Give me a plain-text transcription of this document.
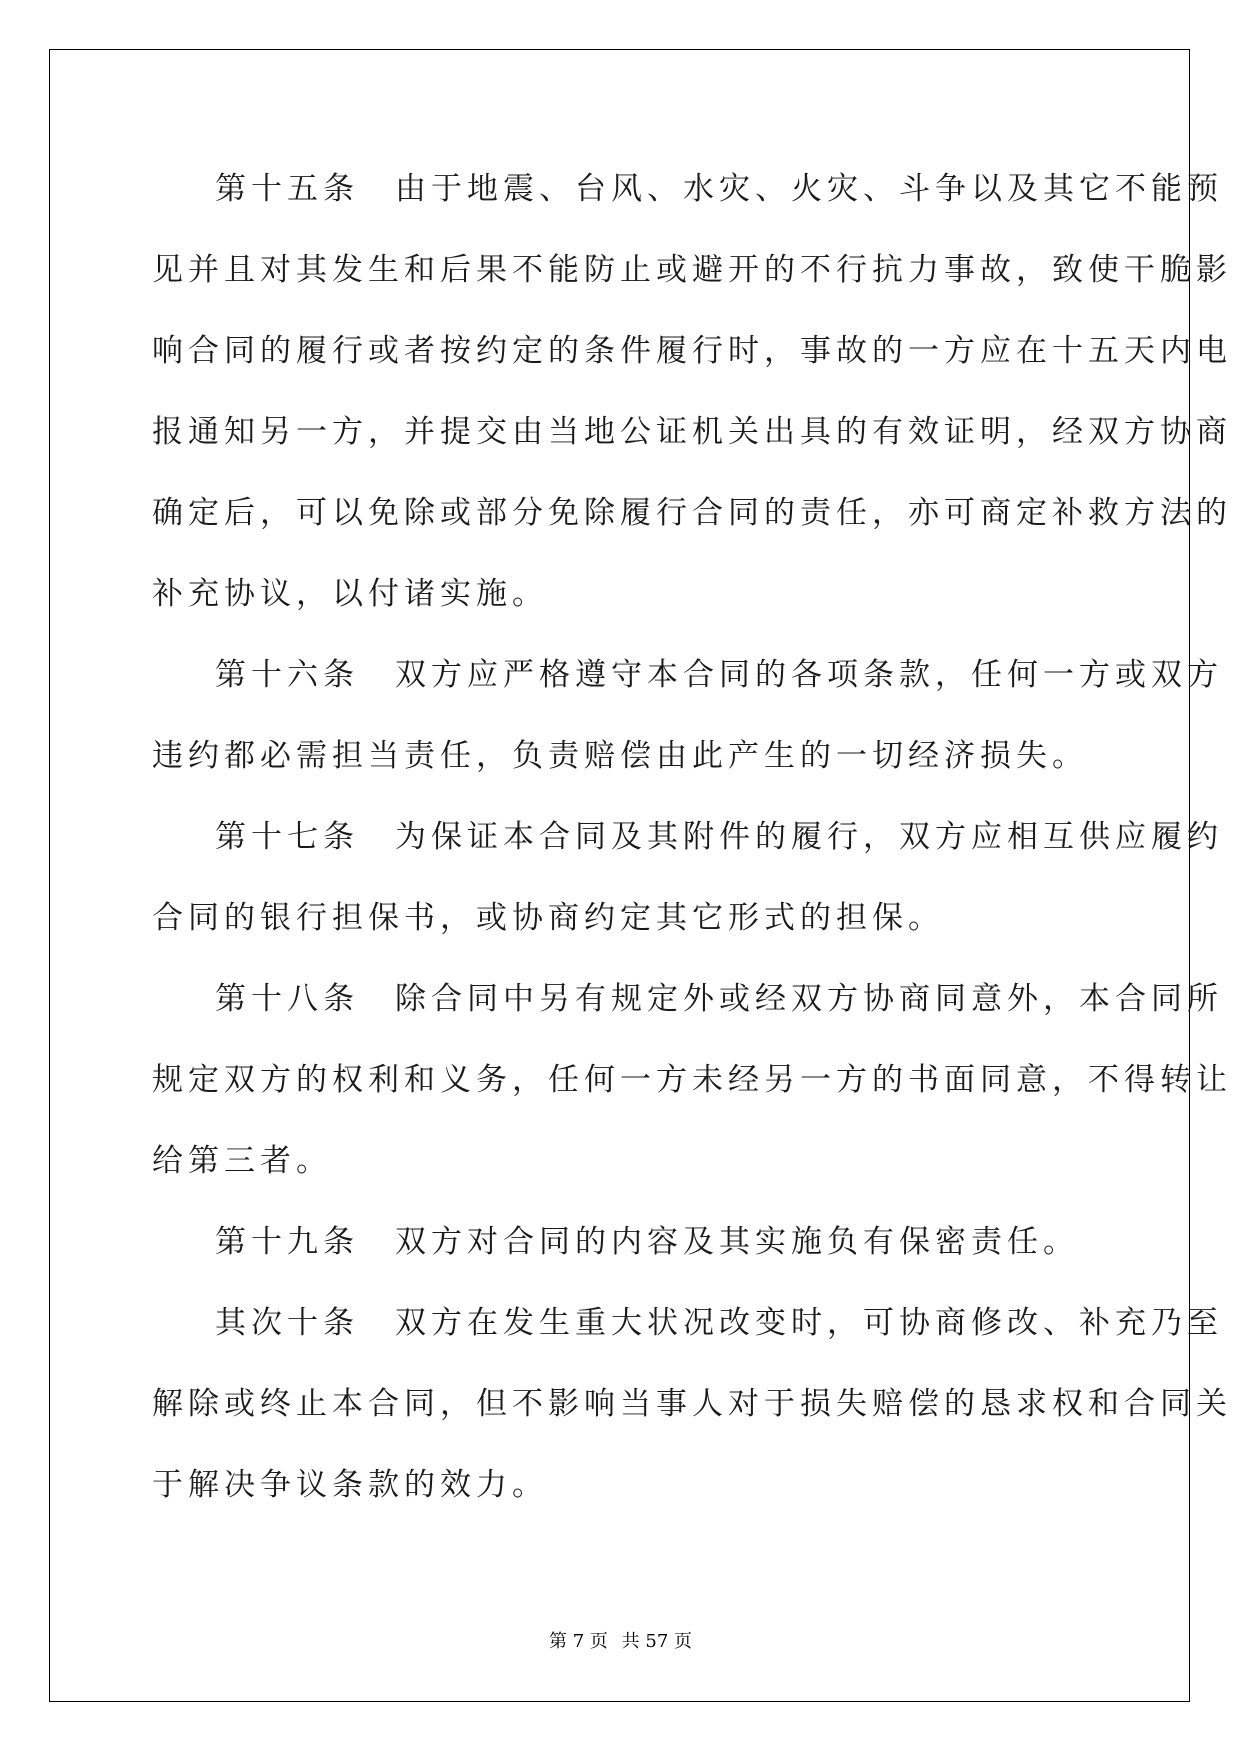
第十五条　由于地震、台风、水灾、火灾、斗争以及其它不能预
见并且对其发生和后果不能防止或避开的不行抗力事故，致使干脆影
响合同的履行或者按约定的条件履行时，事故的一方应在十五天内电
报通知另一方，并提交由当地公证机关出具的有效证明，经双方协商
确定后，可以免除或部分免除履行合同的责任，亦可商定补救方法的
补充协议，以付诸实施。
第十六条　双方应严格遵守本合同的各项条款，任何一方或双方
违约都必需担当责任，负责赔偿由此产生的一切经济损失。
第十七条　为保证本合同及其附件的履行，双方应相互供应履约
合同的银行担保书，或协商约定其它形式的担保。
第十八条　除合同中另有规定外或经双方协商同意外，本合同所
规定双方的权利和义务，任何一方未经另一方的书面同意，不得转让
给第三者。
第十九条　双方对合同的内容及其实施负有保密责任。
其次十条　双方在发生重大状况改变时，可协商修改、补充乃至
解除或终止本合同，但不影响当事人对于损失赔偿的恳求权和合同关
于解决争议条款的效力。
第 7 页 共 57 页
